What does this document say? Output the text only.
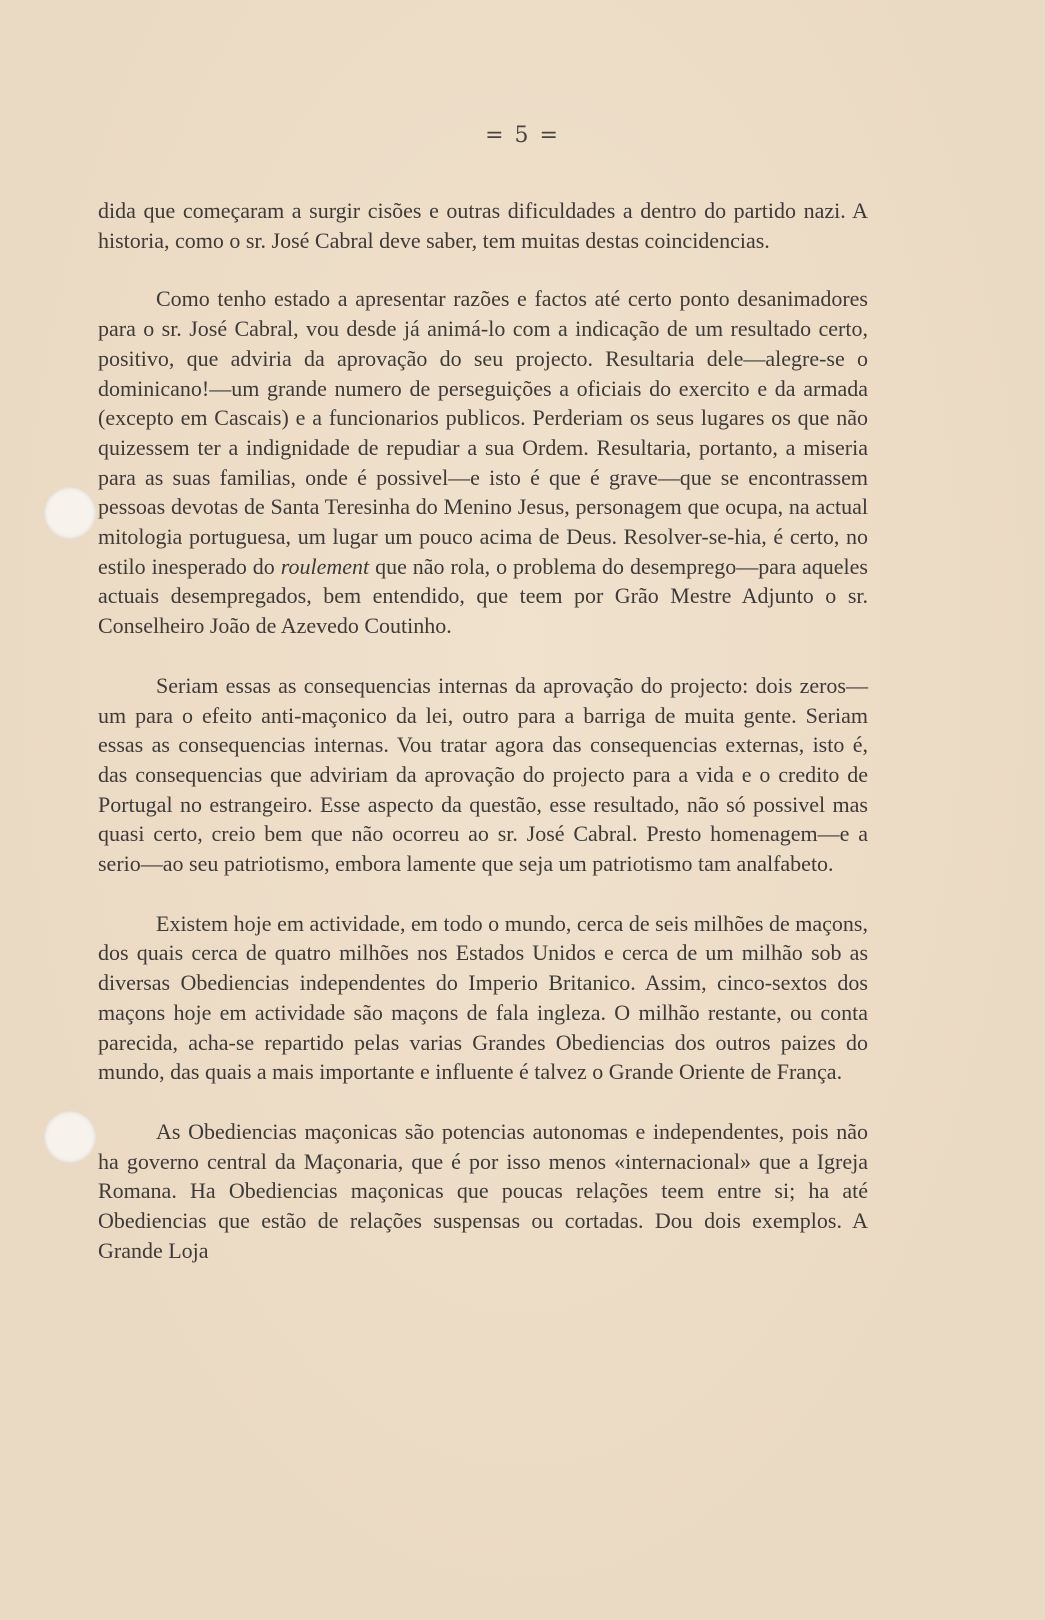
= 5 =

dida que começaram a surgir cisões e outras dificuldades a dentro do partido nazi. A historia, como o sr. José Cabral deve saber, tem muitas destas coincidencias.

Como tenho estado a apresentar razões e factos até certo ponto desanimadores para o sr. José Cabral, vou desde já animá-lo com a indicação de um resultado certo, positivo, que adviria da aprovação do seu projecto. Resultaria dele—alegre-se o dominicano!—um grande numero de perseguições a oficiais do exercito e da armada (excepto em Cascais) e a funcionarios publicos. Perderiam os seus lugares os que não quizessem ter a indignidade de repudiar a sua Ordem. Resultaria, portanto, a miseria para as suas familias, onde é possivel—e isto é que é grave—que se encontrassem pessoas devotas de Santa Teresinha do Menino Jesus, personagem que ocupa, na actual mitologia portuguesa, um lugar um pouco acima de Deus. Resolver-se-hia, é certo, no estilo inesperado do roulement que não rola, o problema do desemprego—para aqueles actuais desempregados, bem entendido, que teem por Grão Mestre Adjunto o sr. Conselheiro João de Azevedo Coutinho.

Seriam essas as consequencias internas da aprovação do projecto: dois zeros—um para o efeito anti-maçonico da lei, outro para a barriga de muita gente. Seriam essas as consequencias internas. Vou tratar agora das consequencias externas, isto é, das consequencias que adviriam da aprovação do projecto para a vida e o credito de Portugal no estrangeiro. Esse aspecto da questão, esse resultado, não só possivel mas quasi certo, creio bem que não ocorreu ao sr. José Cabral. Presto homenagem—e a serio—ao seu patriotismo, embora lamente que seja um patriotismo tam analfabeto.

Existem hoje em actividade, em todo o mundo, cerca de seis milhões de maçons, dos quais cerca de quatro milhões nos Estados Unidos e cerca de um milhão sob as diversas Obediencias independentes do Imperio Britanico. Assim, cinco-sextos dos maçons hoje em actividade são maçons de fala ingleza. O milhão restante, ou conta parecida, acha-se repartido pelas varias Grandes Obediencias dos outros paizes do mundo, das quais a mais importante e influente é talvez o Grande Oriente de França.

As Obediencias maçonicas são potencias autonomas e independentes, pois não ha governo central da Maçonaria, que é por isso menos «internacional» que a Igreja Romana. Ha Obediencias maçonicas que poucas relações teem entre si; ha até Obediencias que estão de relações suspensas ou cortadas. Dou dois exemplos. A Grande Loja
